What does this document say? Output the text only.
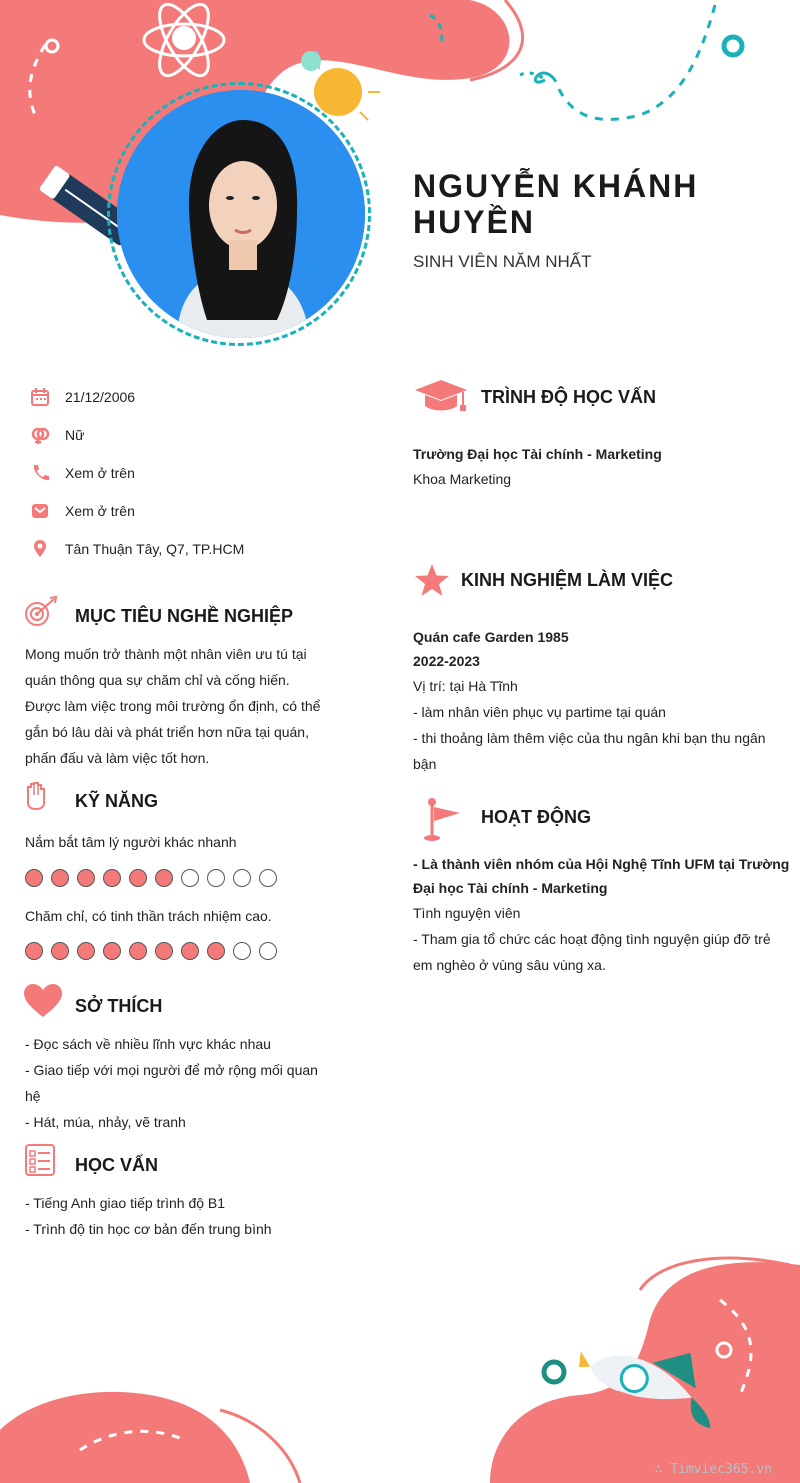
NGUYỄN KHÁNH HUYỀN
SINH VIÊN NĂM NHẤT
21/12/2006
Nữ
Xem ở trên
Xem ở trên
Tân Thuận Tây, Q7, TP.HCM
MỤC TIÊU NGHỀ NGHIỆP

Mong muốn trở thành một nhân viên ưu tú tại

quán thông qua sự chăm chỉ và cống hiến.

Được làm việc trong môi trường ổn định, có thể

gắn bó lâu dài và phát triển hơn nữa tại quán,

phấn đấu và làm việc tốt hơn.

KỸ NĂNG

Nắm bắt tâm lý người khác nhanh

Chăm chỉ, có tinh thần trách nhiệm cao.

SỞ THÍCH

- Đọc sách về nhiều lĩnh vực khác nhau

- Giao tiếp với mọi người để mở rộng mối quan

hệ

- Hát, múa, nhảy, vẽ tranh

HỌC VẤN

- Tiếng Anh giao tiếp trình độ B1

- Trình độ tin học cơ bản đến trung bình

TRÌNH ĐỘ HỌC VẤN

Trường Đại học Tài chính - Marketing

Khoa Marketing

KINH NGHIỆM LÀM VIỆC

Quán cafe Garden 1985

2022-2023

Vị trí: tại Hà Tĩnh

- làm nhân viên phục vụ partime tại quán

- thi thoảng làm thêm việc của thu ngân khi bạn thu ngân

bận

HOẠT ĐỘNG

- Là thành viên nhóm của Hội Nghệ Tĩnh UFM tại Trường

Đại học Tài chính - Marketing

Tình nguyện viên

- Tham gia tổ chức các hoạt động tình nguyện giúp đỡ trẻ

em nghèo ở vùng sâu vùng xa.

∴ Timviec365.vn
